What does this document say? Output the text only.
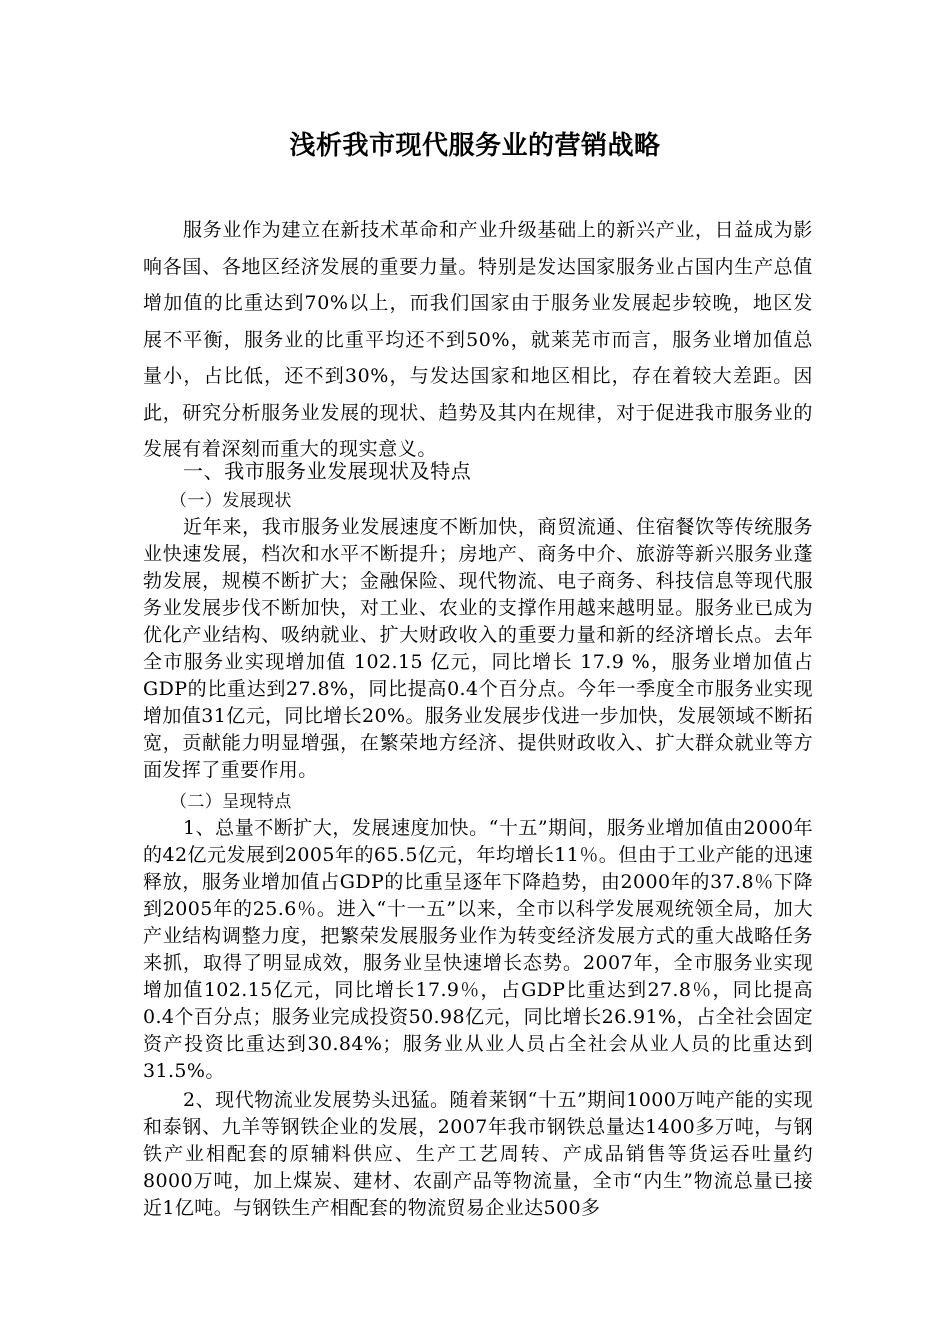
浅析我市现代服务业的营销战略

服务业作为建立在新技术革命和产业升级基础上的新兴产业，日益成为影响各国、各地区经济发展的重要力量。特别是发达国家服务业占国内生产总值增加值的比重达到70%以上，而我们国家由于服务业发展起步较晚，地区发展不平衡，服务业的比重平均还不到50%，就莱芜市而言，服务业增加值总量小，占比低，还不到30%，与发达国家和地区相比，存在着较大差距。因此，研究分析服务业发展的现状、趋势及其内在规律，对于促进我市服务业的发展有着深刻而重大的现实意义。

一、我市服务业发展现状及特点
（一）发展现状

近年来，我市服务业发展速度不断加快，商贸流通、住宿餐饮等传统服务业快速发展，档次和水平不断提升；房地产、商务中介、旅游等新兴服务业蓬勃发展，规模不断扩大；金融保险、现代物流、电子商务、科技信息等现代服务业发展步伐不断加快，对工业、农业的支撑作用越来越明显。服务业已成为优化产业结构、吸纳就业、扩大财政收入的重要力量和新的经济增长点。去年全市服务业实现增加值 102.15 亿元，同比增长 17.9 %，服务业增加值占GDP的比重达到27.8%，同比提高0.4个百分点。今年一季度全市服务业实现增加值31亿元，同比增长20%。服务业发展步伐进一步加快，发展领域不断拓宽，贡献能力明显增强，在繁荣地方经济、提供财政收入、扩大群众就业等方面发挥了重要作用。

（二）呈现特点

1、总量不断扩大，发展速度加快。“十五”期间，服务业增加值由2000年的42亿元发展到2005年的65.5亿元，年均增长11％。但由于工业产能的迅速释放，服务业增加值占GDP的比重呈逐年下降趋势，由2000年的37.8％下降到2005年的25.6％。进入“十一五”以来，全市以科学发展观统领全局，加大产业结构调整力度，把繁荣发展服务业作为转变经济发展方式的重大战略任务来抓，取得了明显成效，服务业呈快速增长态势。2007年，全市服务业实现增加值102.15亿元，同比增长17.9％，占GDP比重达到27.8％，同比提高0.4个百分点；服务业完成投资50.98亿元，同比增长26.91%，占全社会固定资产投资比重达到30.84%；服务业从业人员占全社会从业人员的比重达到31.5%。

2、现代物流业发展势头迅猛。随着莱钢“十五”期间1000万吨产能的实现和泰钢、九羊等钢铁企业的发展，2007年我市钢铁总量达1400多万吨，与钢铁产业相配套的原辅料供应、生产工艺周转、产成品销售等货运吞吐量约8000万吨，加上煤炭、建材、农副产品等物流量，全市“内生”物流总量已接近1亿吨。与钢铁生产相配套的物流贸易企业达500多
